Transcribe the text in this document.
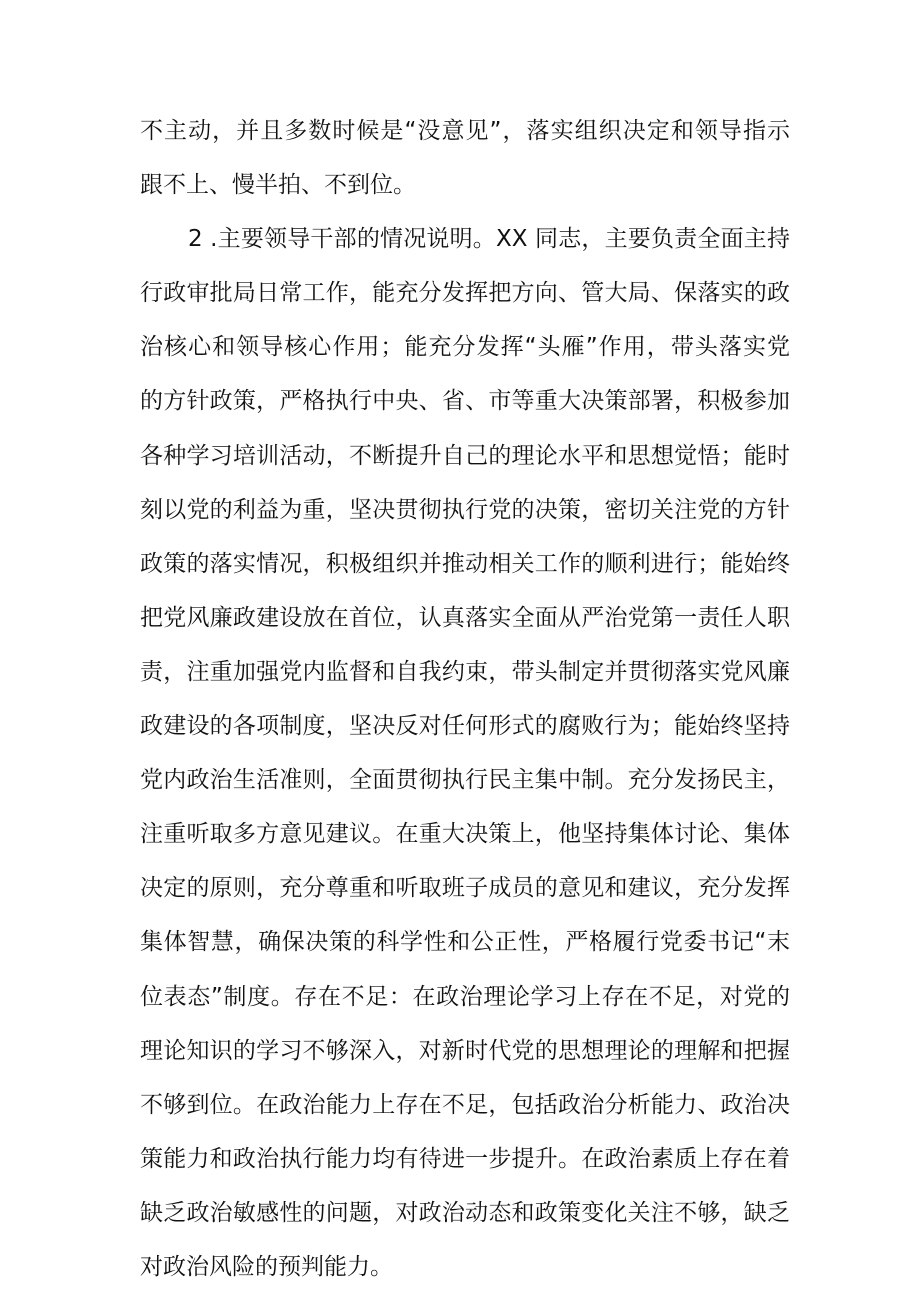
不主动，并且多数时候是“没意见”，落实组织决定和领导指示
跟不上、慢半拍、不到位。
2 .主要领导干部的情况说明。XX 同志，主要负责全面主持
行政审批局日常工作，能充分发挥把方向、管大局、保落实的政
治核心和领导核心作用；能充分发挥“头雁”作用，带头落实党
的方针政策，严格执行中央、省、市等重大决策部署，积极参加
各种学习培训活动，不断提升自己的理论水平和思想觉悟；能时
刻以党的利益为重，坚决贯彻执行党的决策，密切关注党的方针
政策的落实情况，积极组织并推动相关工作的顺利进行；能始终
把党风廉政建设放在首位，认真落实全面从严治党第一责任人职
责，注重加强党内监督和自我约束，带头制定并贯彻落实党风廉
政建设的各项制度，坚决反对任何形式的腐败行为；能始终坚持
党内政治生活准则，全面贯彻执行民主集中制。充分发扬民主，
注重听取多方意见建议。在重大决策上，他坚持集体讨论、集体
决定的原则，充分尊重和听取班子成员的意见和建议，充分发挥
集体智慧，确保决策的科学性和公正性，严格履行党委书记“末
位表态”制度。存在不足：在政治理论学习上存在不足，对党的
理论知识的学习不够深入，对新时代党的思想理论的理解和把握
不够到位。在政治能力上存在不足，包括政治分析能力、政治决
策能力和政治执行能力均有待进一步提升。在政治素质上存在着
缺乏政治敏感性的问题，对政治动态和政策变化关注不够，缺乏
对政治风险的预判能力。
